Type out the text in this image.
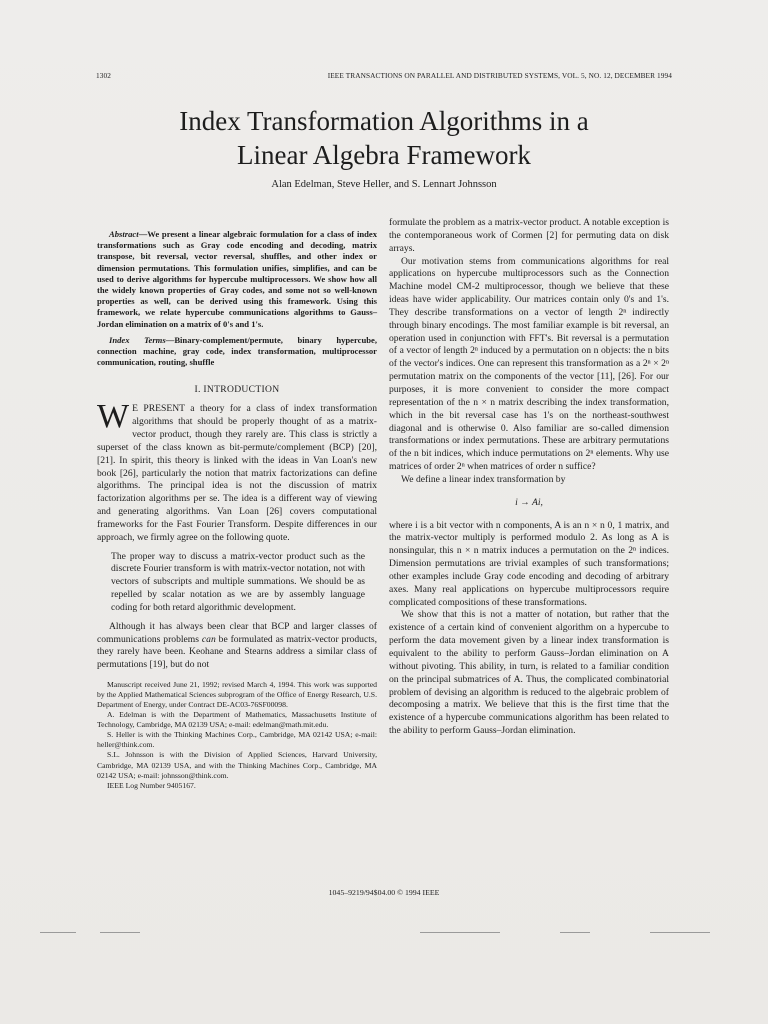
1302	IEEE TRANSACTIONS ON PARALLEL AND DISTRIBUTED SYSTEMS, VOL. 5, NO. 12, DECEMBER 1994
Index Transformation Algorithms in a
Linear Algebra Framework
Alan Edelman, Steve Heller, and S. Lennart Johnsson

Abstract—We present a linear algebraic formulation for a class of index transformations such as Gray code encoding and decoding, matrix transpose, bit reversal, vector reversal, shuffles, and other index or dimension permutations. This formulation unifies, simplifies, and can be used to derive algorithms for hypercube multiprocessors. We show how all the widely known properties of Gray codes, and some not so well-known properties as well, can be derived using this framework. Using this framework, we relate hypercube communications algorithms to Gauss–Jordan elimination on a matrix of 0's and 1's.

Index Terms—Binary-complement/permute, binary hypercube, connection machine, gray code, index transformation, multiprocessor communication, routing, shuffle

I. INTRODUCTION

W E PRESENT a theory for a class of index transformation algorithms that should be properly thought of as a matrix-vector product, though they rarely are. This class is strictly a superset of the class known as bit-permute/complement (BCP) [20], [21]. In spirit, this theory is linked with the ideas in Van Loan's new book [26], particularly the notion that matrix factorizations can define algorithms. The principal idea is not the discussion of matrix factorization algorithms per se. The idea is a different way of viewing and generating algorithms. Van Loan [26] covers computational frameworks for the Fast Fourier Transform. Despite differences in our approach, we firmly agree on the following quote.

The proper way to discuss a matrix-vector product such as the discrete Fourier transform is with matrix-vector notation, not with vectors of subscripts and multiple summations. We should be as repelled by scalar notation as we are by assembly language coding for both retard algorithmic development.

Although it has always been clear that BCP and larger classes of communications problems can be formulated as matrix-vector products, they rarely have been. Keohane and Stearns address a similar class of permutations [19], but do not

Manuscript received June 21, 1992; revised March 4, 1994. This work was supported by the Applied Mathematical Sciences subprogram of the Office of Energy Research, U.S. Department of Energy, under Contract DE-AC03-76SF00098.

A. Edelman is with the Department of Mathematics, Massachusetts Institute of Technology, Cambridge, MA 02139 USA; e-mail: edelman@math.mit.edu.

S. Heller is with the Thinking Machines Corp., Cambridge, MA 02142 USA; e-mail: heller@think.com.

S.L. Johnsson is with the Division of Applied Sciences, Harvard University, Cambridge, MA 02139 USA, and with the Thinking Machines Corp., Cambridge, MA 02142 USA; e-mail: johnsson@think.com.

IEEE Log Number 9405167.

formulate the problem as a matrix-vector product. A notable exception is the contemporaneous work of Cormen [2] for permuting data on disk arrays.

Our motivation stems from communications algorithms for real applications on hypercube multiprocessors such as the Connection Machine model CM-2 multiprocessor, though we believe that these ideas have wider applicability. Our matrices contain only 0's and 1's. They describe transformations on a vector of length 2ⁿ indirectly through binary encodings. The most familiar example is bit reversal, an operation used in conjunction with FFT's. Bit reversal is a permutation of a vector of length 2ⁿ induced by a permutation on n objects: the n bits of the vector's indices. One can represent this transformation as a 2ⁿ × 2ⁿ permutation matrix on the components of the vector [11], [26]. For our purposes, it is more convenient to consider the more compact representation of the n × n matrix describing the index transformation, which in the bit reversal case has 1's on the northeast-southwest diagonal and is otherwise 0. Also familiar are so-called dimension transformations or index permutations. These are arbitrary permutations of the n bit indices, which induce permutations on 2ⁿ elements. Why use matrices of order 2ⁿ when matrices of order n suffice?

We define a linear index transformation by

i → Ai,

where i is a bit vector with n components, A is an n × n 0, 1 matrix, and the matrix-vector multiply is performed modulo 2. As long as A is nonsingular, this n × n matrix induces a permutation on the 2ⁿ indices. Dimension permutations are trivial examples of such transformations; other examples include Gray code encoding and decoding of arbitrary axes. Many real applications on hypercube multiprocessors require complicated compositions of these transformations.

We show that this is not a matter of notation, but rather that the existence of a certain kind of convenient algorithm on a hypercube to perform the data movement given by a linear index transformation is equivalent to the ability to perform Gauss–Jordan elimination on A without pivoting. This ability, in turn, is related to a familiar condition on the principal submatrices of A. Thus, the complicated combinatorial problem of devising an algorithm is reduced to the algebraic problem of decomposing a matrix. We believe that this is the first time that the existence of a hypercube communications algorithm has been related to the ability to perform Gauss–Jordan elimination.

1045–9219/94$04.00 © 1994 IEEE
